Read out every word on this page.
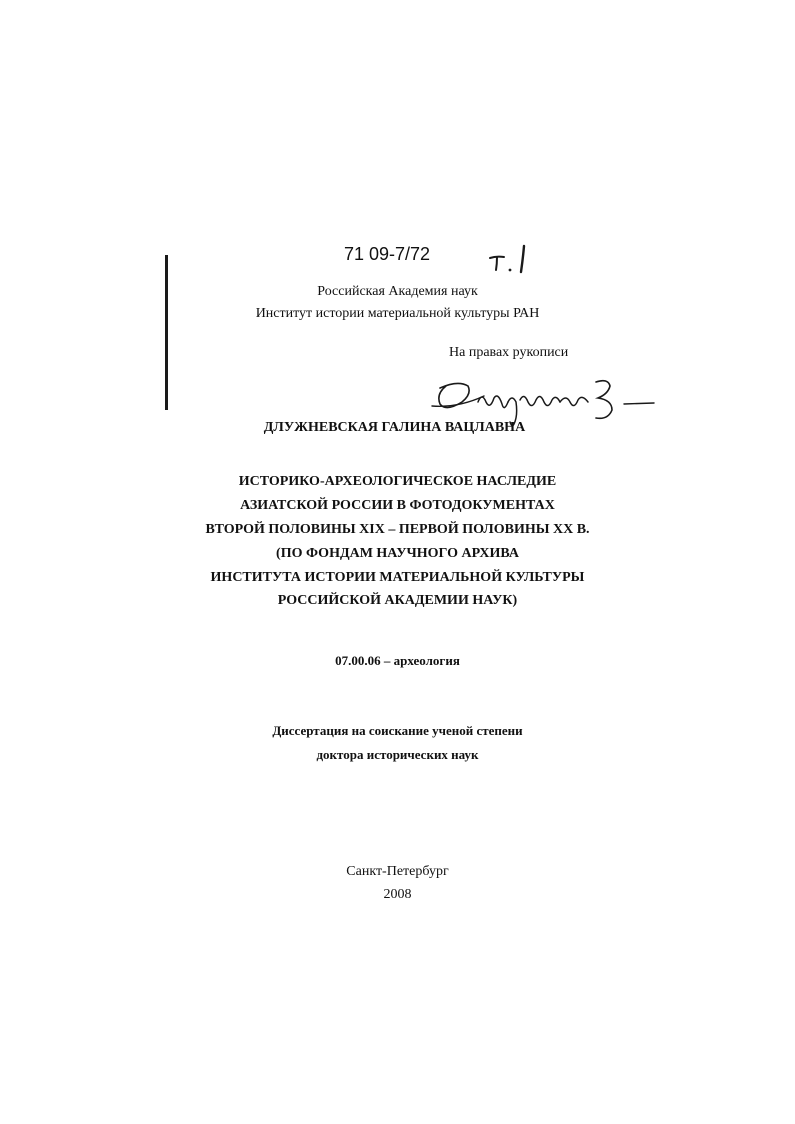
71 09-7/72
Российская Академия наук
Институт истории материальной культуры РАН
На правах рукописи
ДЛУЖНЕВСКАЯ ГАЛИНА ВАЦЛАВНА
ИСТОРИКО-АРХЕОЛОГИЧЕСКОЕ НАСЛЕДИЕ
АЗИАТСКОЙ РОССИИ В ФОТОДОКУМЕНТАХ
ВТОРОЙ ПОЛОВИНЫ XIX – ПЕРВОЙ ПОЛОВИНЫ XX В.
(ПО ФОНДАМ НАУЧНОГО АРХИВА
ИНСТИТУТА ИСТОРИИ МАТЕРИАЛЬНОЙ КУЛЬТУРЫ
РОССИЙСКОЙ АКАДЕМИИ НАУК)
07.00.06 – археология
Диссертация на соискание ученой степени
доктора исторических наук
Санкт-Петербург
2008
